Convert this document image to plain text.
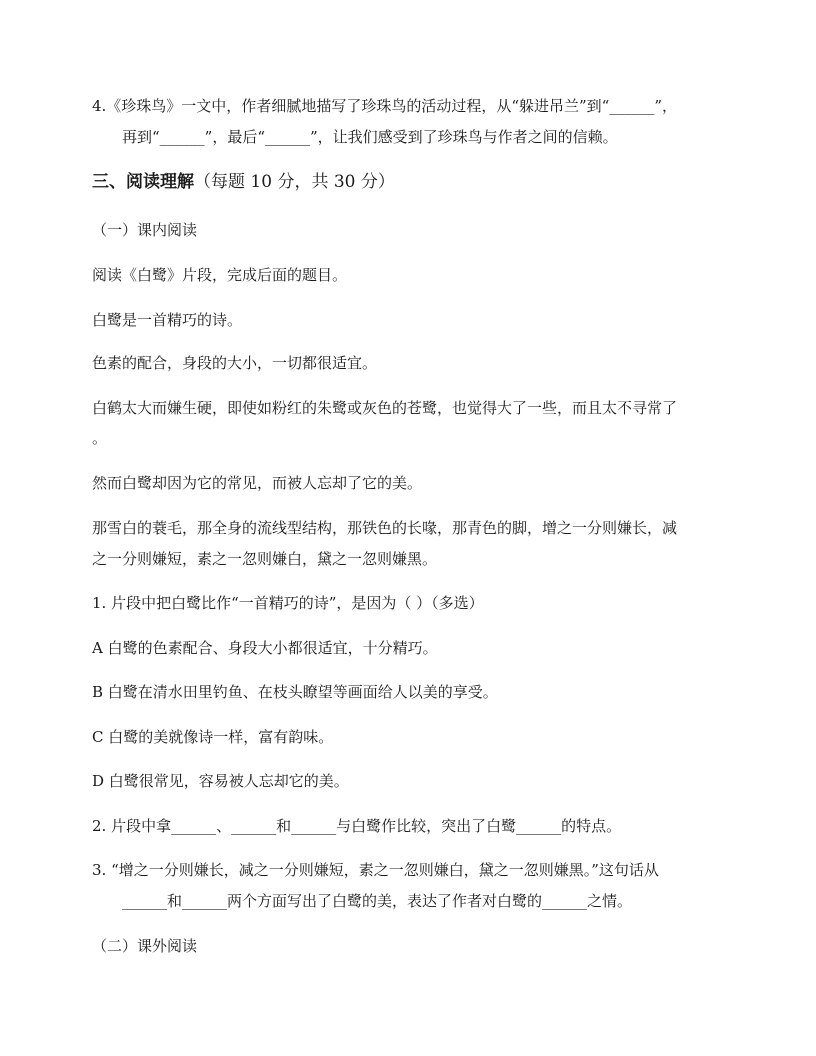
4.《珍珠鸟》一文中，作者细腻地描写了珍珠鸟的活动过程，从“躲进吊兰”到“______”，
再到“______”，最后“______”，让我们感受到了珍珠鸟与作者之间的信赖。
三、阅读理解（每题 10 分，共 30 分）
（一）课内阅读
阅读《白鹭》片段，完成后面的题目。
白鹭是一首精巧的诗。
色素的配合，身段的大小，一切都很适宜。
白鹤太大而嫌生硬，即使如粉红的朱鹭或灰色的苍鹭，也觉得大了一些，而且太不寻常了
。
然而白鹭却因为它的常见，而被人忘却了它的美。
那雪白的蓑毛，那全身的流线型结构，那铁色的长喙，那青色的脚，增之一分则嫌长，减
之一分则嫌短，素之一忽则嫌白，黛之一忽则嫌黑。
1. 片段中把白鹭比作“一首精巧的诗”，是因为（ ）（多选）
A 白鹭的色素配合、身段大小都很适宜，十分精巧。
B 白鹭在清水田里钓鱼、在枝头瞭望等画面给人以美的享受。
C 白鹭的美就像诗一样，富有韵味。
D 白鹭很常见，容易被人忘却它的美。
2. 片段中拿______、______和______与白鹭作比较，突出了白鹭______的特点。
3. “增之一分则嫌长，减之一分则嫌短，素之一忽则嫌白，黛之一忽则嫌黑。”这句话从
______和______两个方面写出了白鹭的美，表达了作者对白鹭的______之情。
（二）课外阅读
